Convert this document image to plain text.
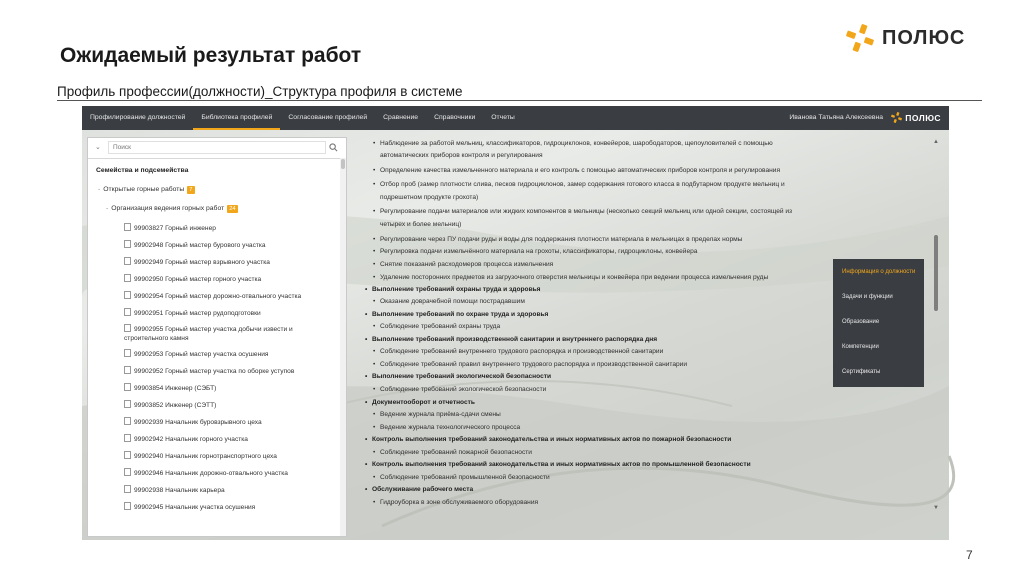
Ожидаемый результат работ
ПОЛЮС
Профиль профессии(должности)_Структура профиля в системе
Профилирование должностей	Библиотека профилей	Согласование профилей	Сравнение	Справочники	Отчеты	Иванова Татьяна Алексеевна	ПОЛЮС
⌄
Поиск
Семейства и подсемейства
- Открытые горные работы 7
- Организация ведения горных работ 24
99903827 Горный инженер
99902948 Горный мастер бурового участка
99902949 Горный мастер взрывного участка
99902950 Горный мастер горного участка
99902954 Горный мастер дорожно-отвального участка
99902951 Горный мастер рудоподготовки
99902955 Горный мастер участка добычи извести и строительного камня
99902953 Горный мастер участка осушения
99902952 Горный мастер участка по оборке уступов
99903854 Инженер (СЭБТ)
99903852 Инженер (СЭТТ)
99902939 Начальник буровзрывного цеха
99902942 Начальник горного участка
99902940 Начальник горнотранспортного цеха
99902946 Начальник дорожно-отвального участка
99902938 Начальник карьера
99902945 Начальник участка осушения
• Наблюдение за работой мельниц, классификаторов, гидроциклонов, конвейеров, шарободаторов, щепоуловителей с помощью
автоматических приборов контроля и регулирования
• Определение качества измельченного материала и его контроль с помощью автоматических приборов контроля и регулирования
• Отбор проб (замер плотности слива, песков гидроциклонов, замер содержания готового класса в подбутарном продукте мельниц и
подрешетном продукте грохота)
• Регулирование подачи материалов или жидких компонентов в мельницы (несколько секций мельниц или одной секции, состоящей из
четырех и более мельниц)
• Регулирование через ПУ подачи руды и воды для поддержания плотности материала в мельницах в пределах нормы
• Регулировка подачи измельчённого материала на грохоты, классификаторы, гидроциклоны, конвейера
• Снятие показаний расходомеров процесса измельчения
• Удаление посторонних предметов из загрузочного отверстия мельницы и конвейера при ведении процесса измельчения руды
• Выполнение требований охраны труда и здоровья
• Оказание доврачебной помощи пострадавшим
• Выполнение требований по охране труда и здоровья
• Соблюдение требований охраны труда
• Выполнение требований производственной санитарии и внутреннего распорядка дня
• Соблюдение требований внутреннего трудового распорядка и производственной санитарии
• Соблюдение требований правил внутреннего трудового распорядка и производственной санитарии
• Выполнение требований экологической безопасности
• Соблюдение требований экологической безопасности
• Документооборот и отчетность
• Ведение журнала приёма-сдачи смены
• Ведение журнала технологического процесса
• Контроль выполнения требований законодательства и иных нормативных актов по пожарной безопасности
• Соблюдение требований пожарной безопасности
• Контроль выполнения требований законодательства и иных нормативных актов по промышленной безопасности
• Соблюдение требований промышленной безопасности
• Обслуживание рабочего места
• Гидроуборка в зоне обслуживаемого оборудования
▲
▼
Информация о должности
Задачи и функции
Образование
Компетенции
Сертификаты
7
